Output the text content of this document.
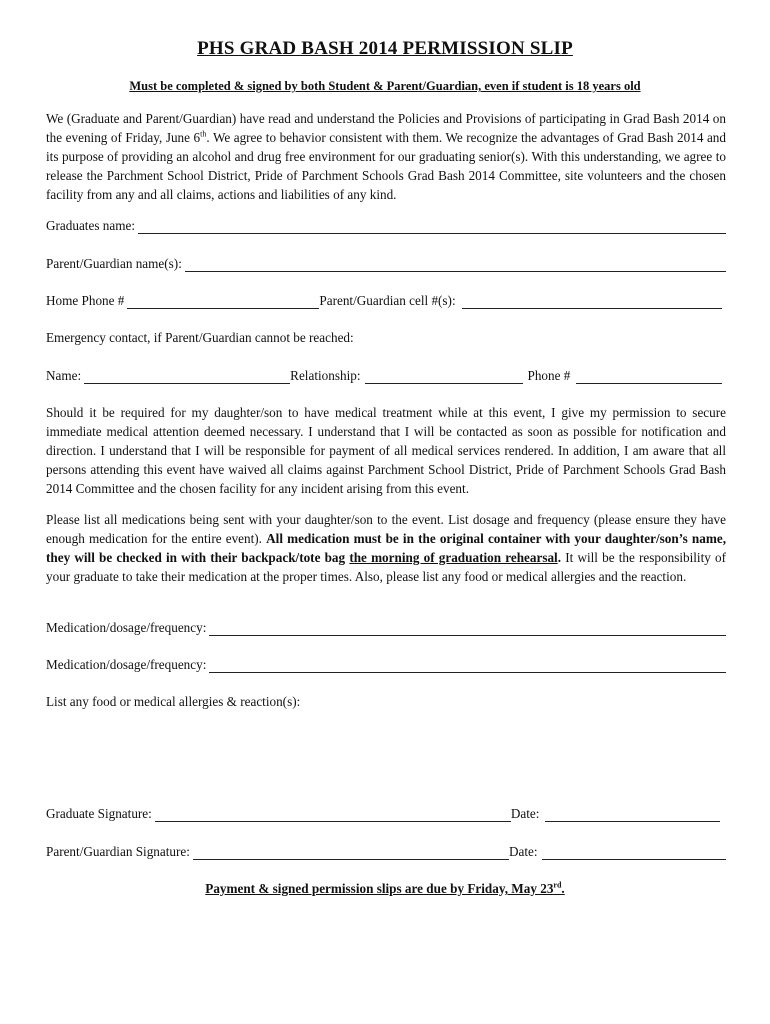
PHS GRAD BASH 2014 PERMISSION SLIP
Must be completed & signed by both Student & Parent/Guardian, even if student is 18 years old
We (Graduate and Parent/Guardian) have read and understand the Policies and Provisions of participating in Grad Bash 2014 on the evening of Friday, June 6th. We agree to behavior consistent with them. We recognize the advantages of Grad Bash 2014 and its purpose of providing an alcohol and drug free environment for our graduating senior(s). With this understanding, we agree to release the Parchment School District, Pride of Parchment Schools Grad Bash 2014 Committee, site volunteers and the chosen facility from any and all claims, actions and liabilities of any kind.
Graduates name:
Parent/Guardian name(s):
Home Phone #	Parent/Guardian cell #(s):
Emergency contact, if Parent/Guardian cannot be reached:
Name:	Relationship:	Phone #
Should it be required for my daughter/son to have medical treatment while at this event, I give my permission to secure immediate medical attention deemed necessary. I understand that I will be contacted as soon as possible for notification and direction. I understand that I will be responsible for payment of all medical services rendered. In addition, I am aware that all persons attending this event have waived all claims against Parchment School District, Pride of Parchment Schools Grad Bash 2014 Committee and the chosen facility for any incident arising from this event.
Please list all medications being sent with your daughter/son to the event. List dosage and frequency (please ensure they have enough medication for the entire event). All medication must be in the original container with your daughter/son’s name, they will be checked in with their backpack/tote bag the morning of graduation rehearsal. It will be the responsibility of your graduate to take their medication at the proper times. Also, please list any food or medical allergies and the reaction.
Medication/dosage/frequency:
Medication/dosage/frequency:
List any food or medical allergies & reaction(s):
Graduate Signature:	Date:
Parent/Guardian Signature:	Date:
Payment & signed permission slips are due by Friday, May 23rd.
